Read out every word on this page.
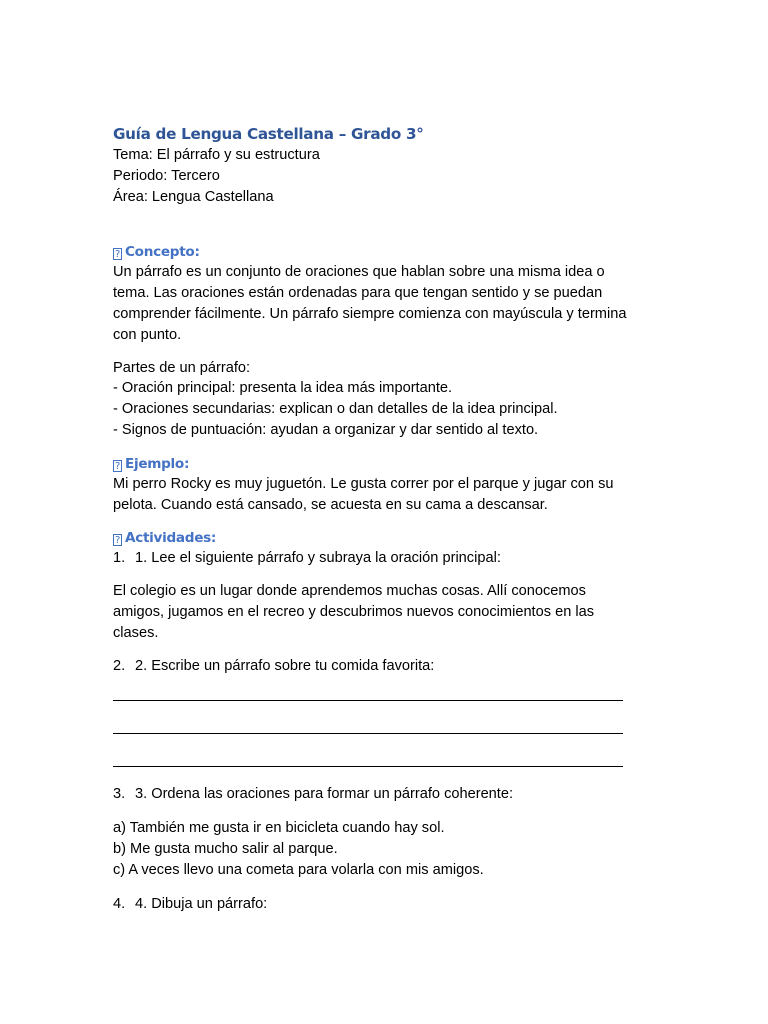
Guía de Lengua Castellana – Grado 3°
Tema: El párrafo y su estructura
Periodo: Tercero
Área: Lengua Castellana
? Concepto:
Un párrafo es un conjunto de oraciones que hablan sobre una misma idea o
tema. Las oraciones están ordenadas para que tengan sentido y se puedan
comprender fácilmente. Un párrafo siempre comienza con mayúscula y termina
con punto.
Partes de un párrafo:
- Oración principal: presenta la idea más importante.
- Oraciones secundarias: explican o dan detalles de la idea principal.
- Signos de puntuación: ayudan a organizar y dar sentido al texto.
? Ejemplo:
Mi perro Rocky es muy juguetón. Le gusta correr por el parque y jugar con su
pelota. Cuando está cansado, se acuesta en su cama a descansar.
? Actividades:
1. 1. Lee el siguiente párrafo y subraya la oración principal:
El colegio es un lugar donde aprendemos muchas cosas. Allí conocemos
amigos, jugamos en el recreo y descubrimos nuevos conocimientos en las
clases.
2. 2. Escribe un párrafo sobre tu comida favorita:
3. 3. Ordena las oraciones para formar un párrafo coherente:
a) También me gusta ir en bicicleta cuando hay sol.
b) Me gusta mucho salir al parque.
c) A veces llevo una cometa para volarla con mis amigos.
4. 4. Dibuja un párrafo:
